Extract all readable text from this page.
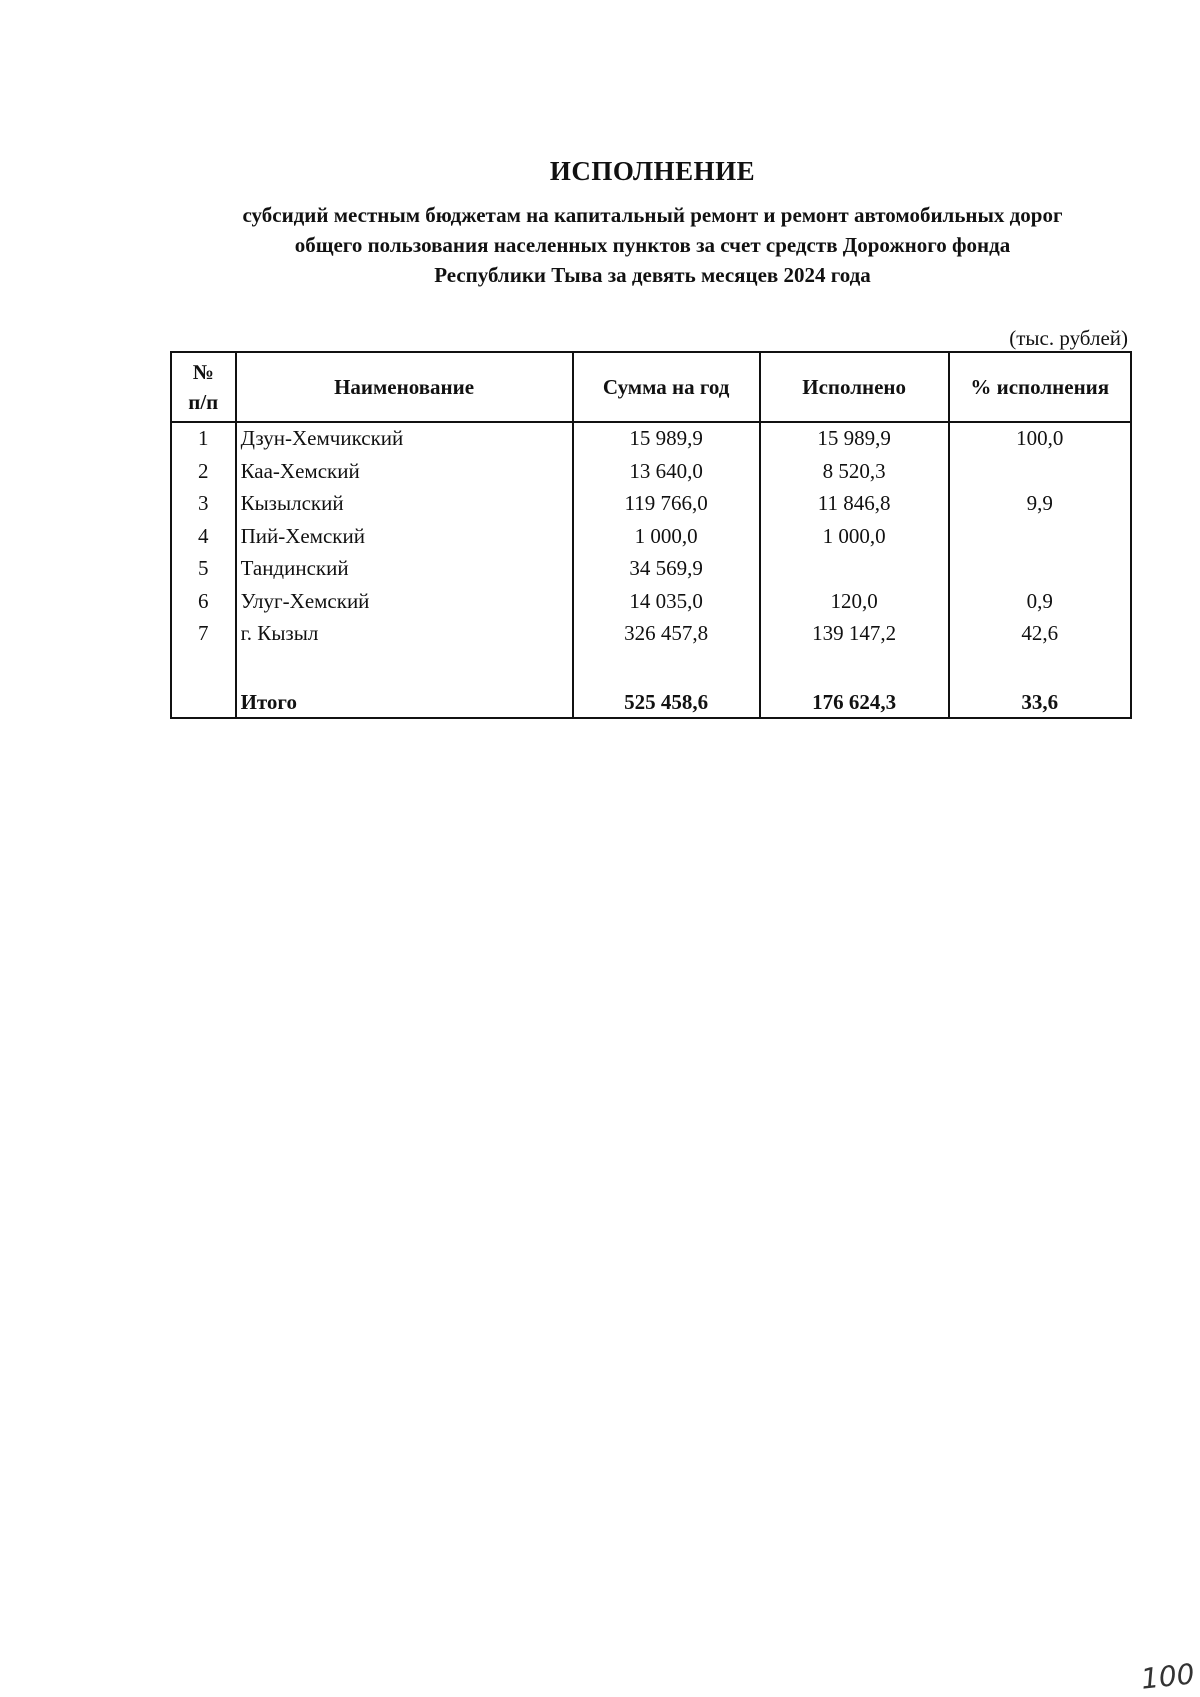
ИСПОЛНЕНИЕ
субсидий местным бюджетам на капитальный ремонт и ремонт автомобильных дорог
общего пользования населенных пунктов за счет средств Дорожного фонда
Республики Тыва за девять месяцев 2024 года
(тыс. рублей)
№
п/п	Наименование	Сумма на год	Исполнено	% исполнения
1	Дзун-Хемчикский	15 989,9	15 989,9	100,0
2	Каа-Хемский	13 640,0	8 520,3	
3	Кызылский	119 766,0	11 846,8	9,9
4	Пий-Хемский	1 000,0	1 000,0	
5	Тандинский	34 569,9		
6	Улуг-Хемский	14 035,0	120,0	0,9
7	г. Кызыл	326 457,8	139 147,2	42,6

	Итого	525 458,6	176 624,3	33,6
100
